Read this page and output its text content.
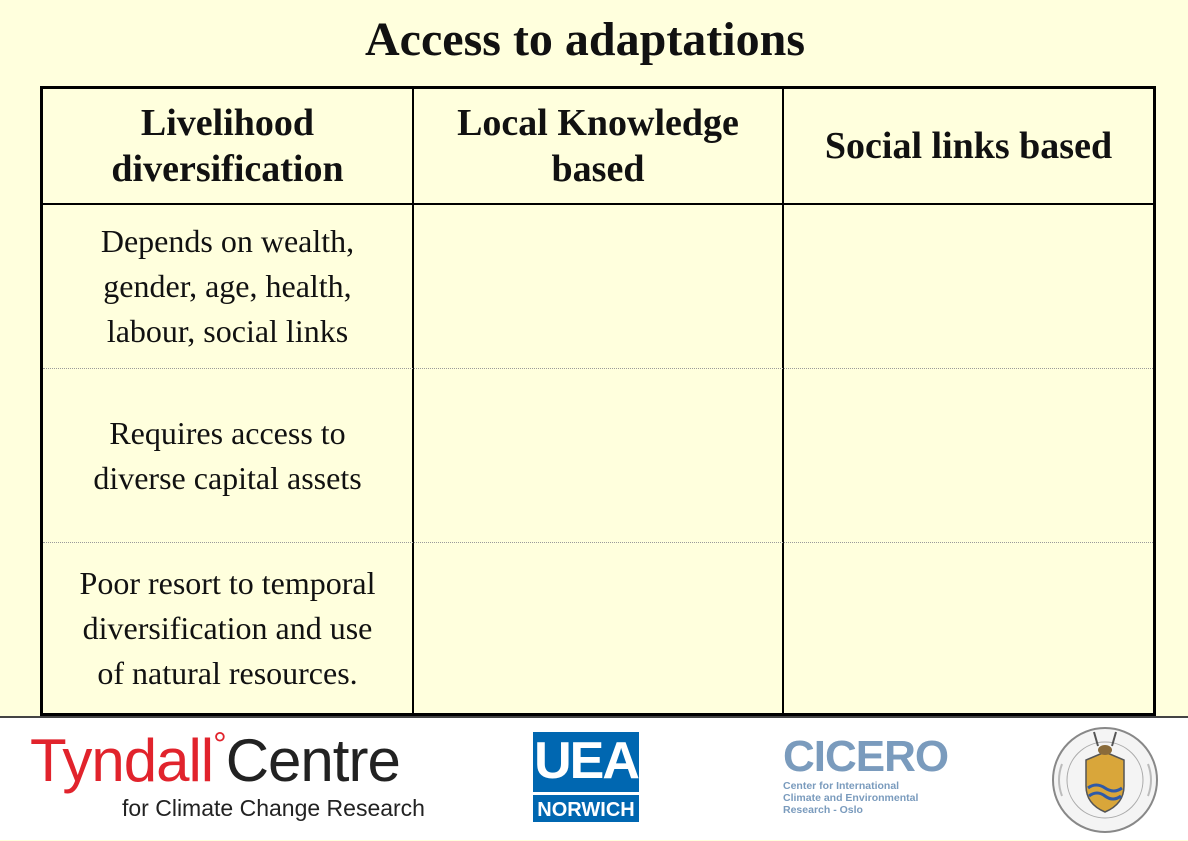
Access to adaptations
Livelihood
diversification
Local Knowledge
based
Social links based
Depends on wealth,
gender, age, health,
labour, social links
Requires access to
diverse capital assets
Poor resort to temporal
diversification and use
of natural resources.
Tyndall°Centre
for Climate Change Research
UEA
NORWICH
CICERO
Center for International
Climate and Environmental
Research - Oslo
